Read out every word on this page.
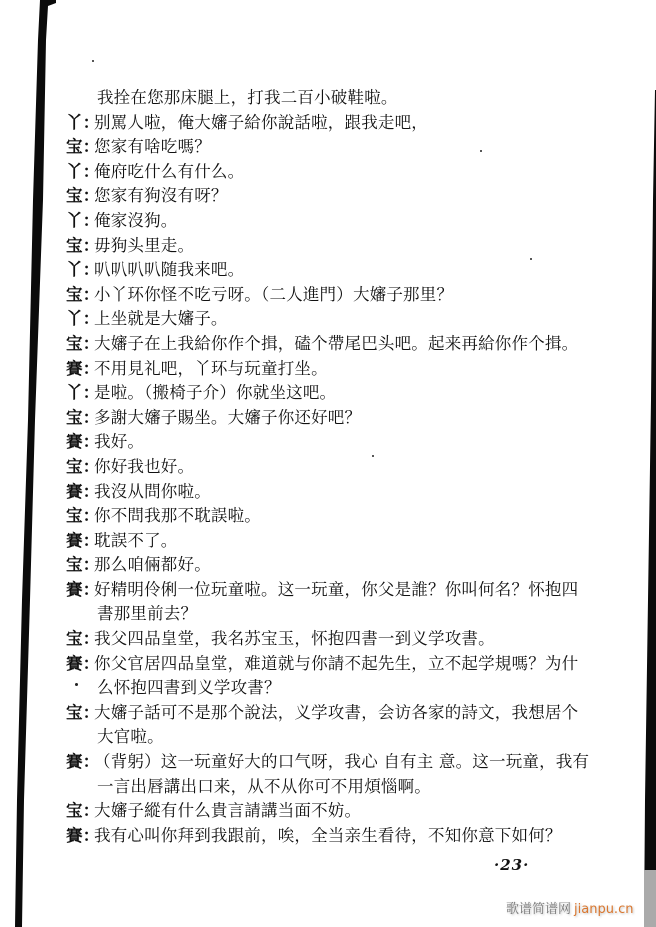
我拴在您那床腿上，打我二百小破鞋啦。
丫：
别罵人啦，俺大嬸子給你說話啦，跟我走吧，
宝：
您家有啥吃嗎？
丫：
俺府吃什么有什么。
宝：
您家有狗沒有呀？
丫：
俺家沒狗。
宝：
毋狗头里走。
丫：
叭叭叭叭随我来吧。
宝：
小丫环你怪不吃亏呀。（二人進門）大嬸子那里？
丫：
上坐就是大嬸子。
宝：
大嬸子在上我給你作个揖，磕个帶尾巴头吧。起来再給你作个揖。
賽：
不用見礼吧，丫环与玩童打坐。
丫：
是啦。（搬椅子介）你就坐这吧。
宝：
多謝大嬸子賜坐。大嬸子你还好吧？
賽：
我好。
宝：
你好我也好。
賽：
我沒从問你啦。
宝：
你不問我那不耽誤啦。
賽：
耽誤不了。
宝：
那么咱倆都好。
賽：
好精明伶俐一位玩童啦。这一玩童，你父是誰？你叫何名？怀抱四
書那里前去？
宝：
我父四品皇堂，我名苏宝玉，怀抱四書一到义学攻書。
賽：
你父官居四品皇堂，难道就与你請不起先生，立不起学規嗎？为什
么怀抱四書到义学攻書？
宝：
大嬸子話可不是那个說法，义学攻書，会访各家的詩文，我想居个
大官啦。
賽：
（背躬）这一玩童好大的口气呀，我心 自有主 意。这一玩童，我有
一言出唇講出口来，从不从你可不用煩惱啊。
宝：
大嬸子縱有什么貴言請講当面不妨。
賽：
我有心叫你拜到我跟前，唉，全当亲生看待，不知你意下如何？
·23·
歌谱简谱网 jianpu.cn
